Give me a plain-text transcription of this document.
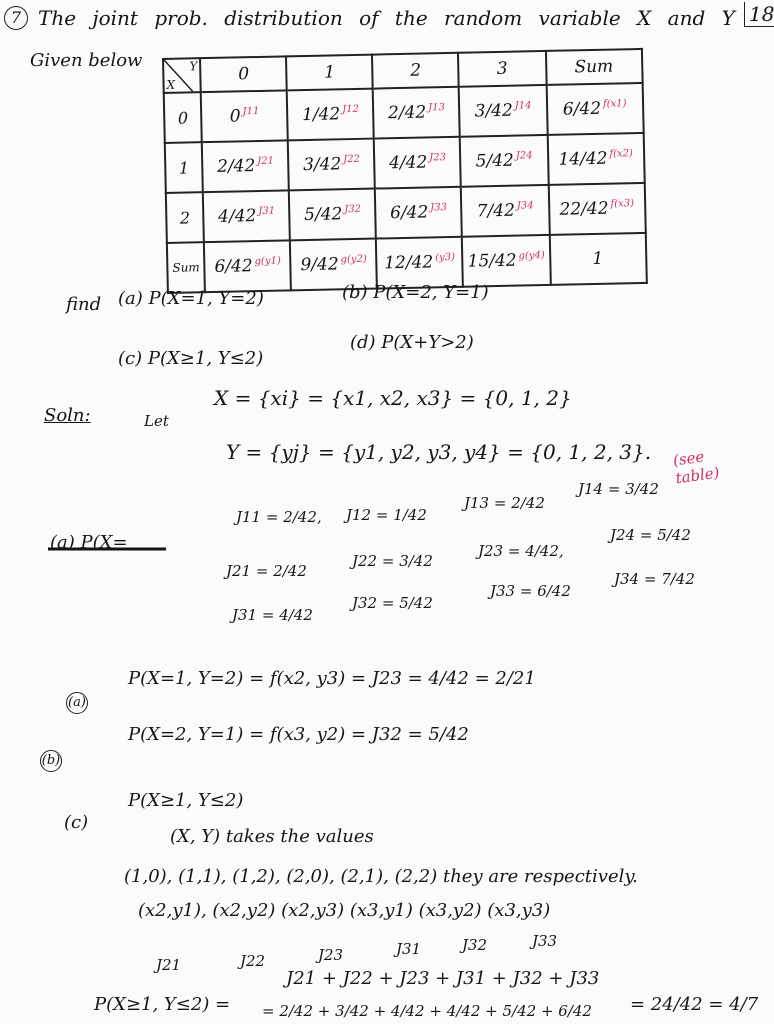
7 The joint prob. distribution of the random variable X and Y 18
Given below	Y
X	0	1	2	3	Sum
0	0 $^{J11}$	1/42 $^{J12}$	2/42 $^{J13}$	3/42 $^{J14}$	6/42 $^{f(x1)}$
1	2/42 $^{J21}$	3/42 $^{J22}$	4/42 $^{J23}$	5/42 $^{J24}$	14/42 $^{f(x2)}$
2	4/42 $^{J31}$	5/42 $^{J32}$	6/42 $^{J33}$	7/42 $^{J34}$	22/42 $^{f(x3)}$
Sum	6/42 $^{g(y1)}$	9/42 $^{g(y2)}$	12/42 $^{(y3)}$	15/42 $^{g(y4)}$	1
find (a) P(X=1, Y=2)	(b) P(X=2, Y=1)
(c) P(X≥1, Y≤2)
(d) P(X+Y>2)
Soln:	Let
X = {xi} = {x1, x2, x3} = {0, 1, 2}
Y = {yj} = {y1, y2, y3, y4} = {0, 1, 2, 3}. (see table)
J11 = 2/42, J12 = 1/42
J13 = 2/42
J14 = 3/42
J21 = 2/42
J22 = 3/42
J23 = 4/42,
J24 = 5/42
J31 = 4/42
J32 = 5/42
J33 = 6/42
J34 = 7/42
(a) P(X=
(a)
P(X=1, Y=2) = f(x2, y3) = J23 = 4/42 = 2/21
(b)
P(X=2, Y=1) = f(x3, y2) = J32 = 5/42
(c)
P(X≥1, Y≤2)
(X, Y) takes the values
(1,0), (1,1), (1,2), (2,0), (2,1), (2,2) they are respectively.
(x2,y1), (x2,y2) (x2,y3) (x3,y1) (x3,y2) (x3,y3)
J21	J22	J23	J31	J32	J33
P(X≥1, Y≤2) =
J21 + J22 + J23 + J31 + J32 + J33
= 2/42 + 3/42 + 4/42 + 4/42 + 5/42 + 6/42 = 24/42 = 4/7
